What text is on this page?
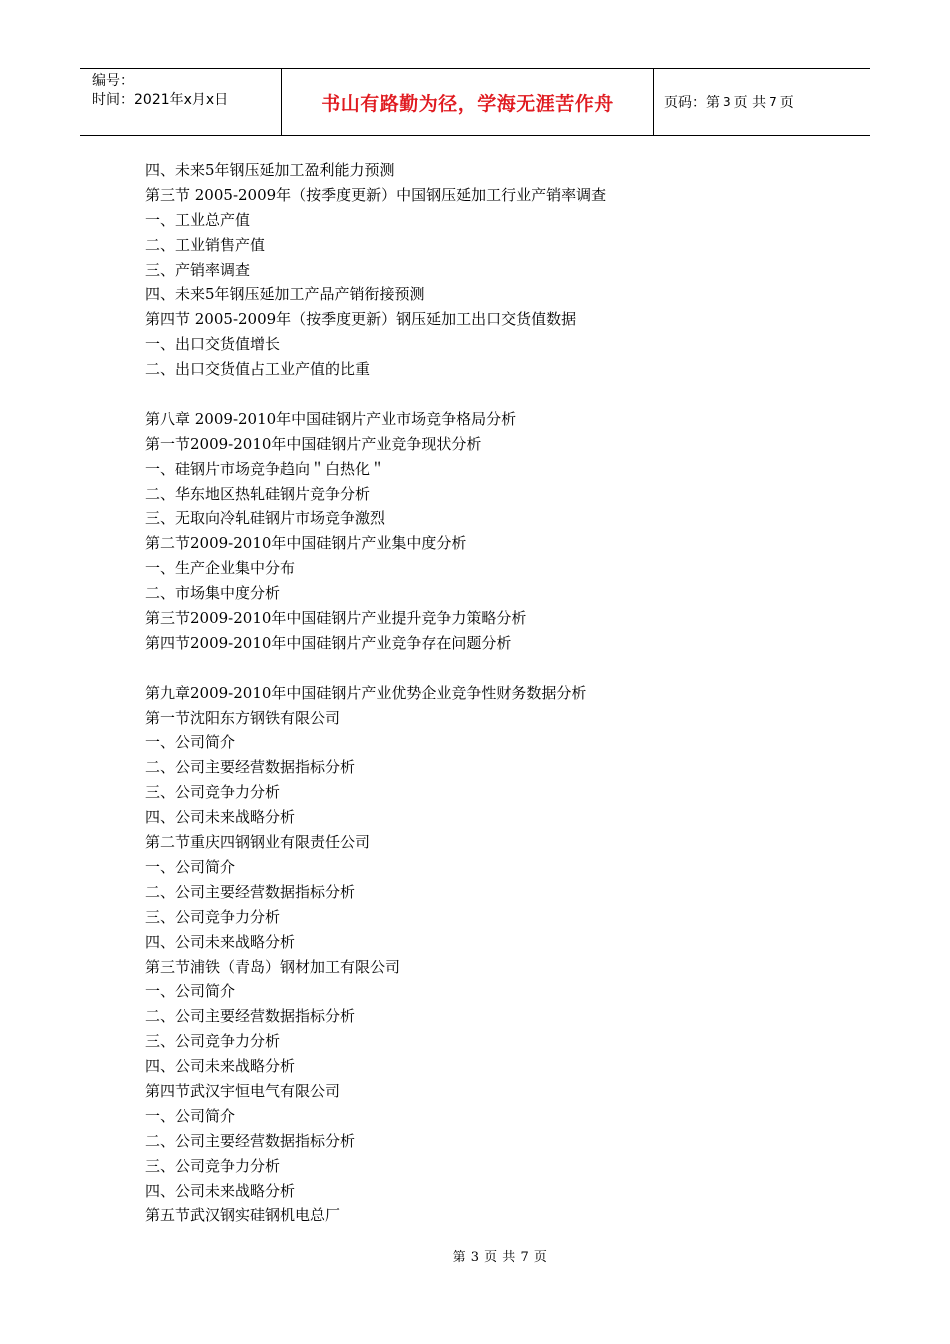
编号：
时间：2021年x月x日	书山有路勤为径，学海无涯苦作舟	页码：第 3 页 共 7 页
四、未来5年钢压延加工盈利能力预测
第三节 2005-2009年（按季度更新）中国钢压延加工行业产销率调查
一、工业总产值
二、工业销售产值
三、产销率调查
四、未来5年钢压延加工产品产销衔接预测
第四节 2005-2009年（按季度更新）钢压延加工出口交货值数据
一、出口交货值增长
二、出口交货值占工业产值的比重
第八章 2009-2010年中国硅钢片产业市场竞争格局分析
第一节2009-2010年中国硅钢片产业竞争现状分析
一、硅钢片市场竞争趋向＂白热化＂
二、华东地区热轧硅钢片竞争分析
三、无取向冷轧硅钢片市场竞争激烈
第二节2009-2010年中国硅钢片产业集中度分析
一、生产企业集中分布
二、市场集中度分析
第三节2009-2010年中国硅钢片产业提升竞争力策略分析
第四节2009-2010年中国硅钢片产业竞争存在问题分析
第九章2009-2010年中国硅钢片产业优势企业竞争性财务数据分析
第一节沈阳东方钢铁有限公司
一、公司简介
二、公司主要经营数据指标分析
三、公司竞争力分析
四、公司未来战略分析
第二节重庆四钢钢业有限责任公司
一、公司简介
二、公司主要经营数据指标分析
三、公司竞争力分析
四、公司未来战略分析
第三节浦铁（青岛）钢材加工有限公司
一、公司简介
二、公司主要经营数据指标分析
三、公司竞争力分析
四、公司未来战略分析
第四节武汉宇恒电气有限公司
一、公司简介
二、公司主要经营数据指标分析
三、公司竞争力分析
四、公司未来战略分析
第五节武汉钢实硅钢机电总厂
第 3 页 共 7 页
